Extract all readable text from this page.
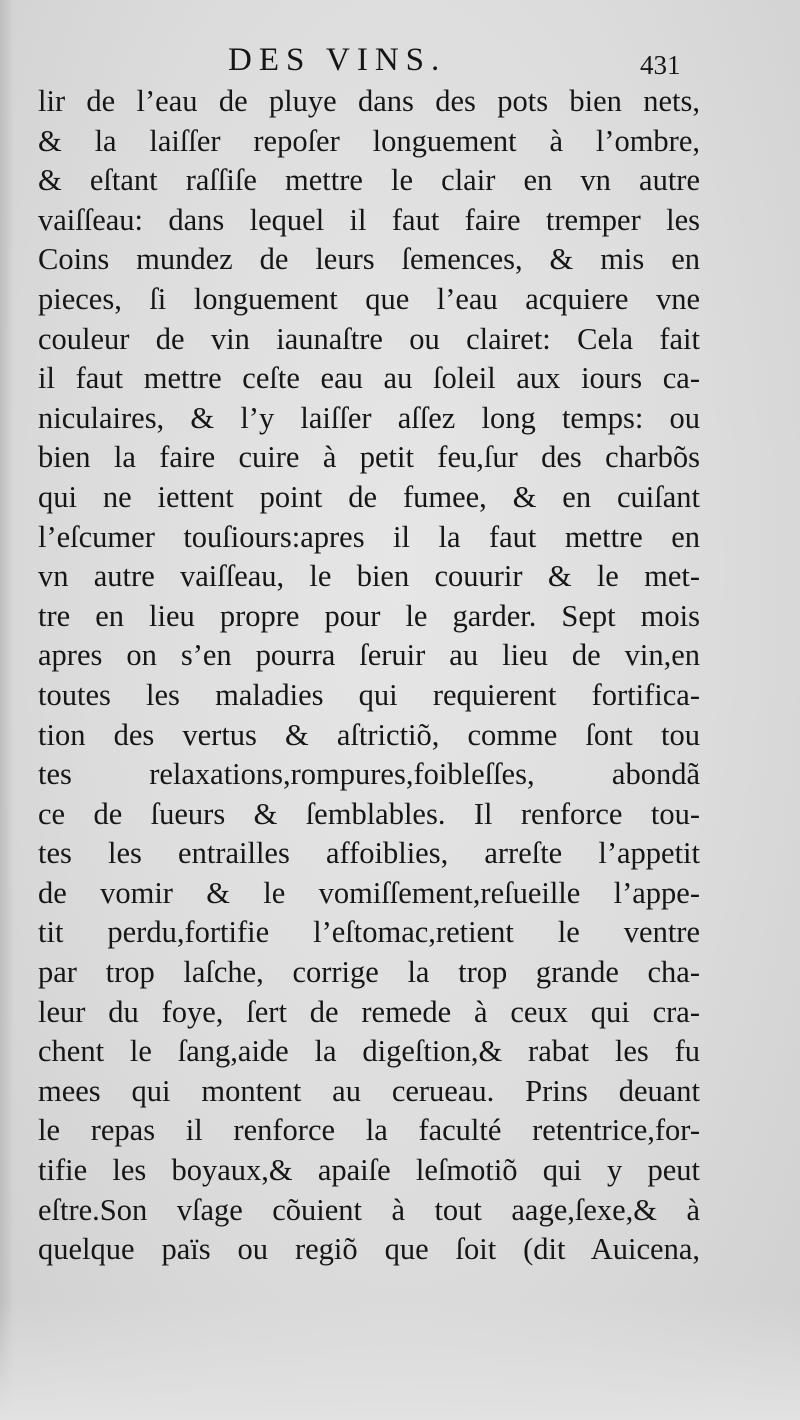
DES VINS.	431
lir de l’eau de pluye dans des pots bien nets,
& la laiſſer repoſer longuement à l’ombre,
& eſtant raſſiſe mettre le clair en vn autre
vaiſſeau: dans lequel il faut faire tremper les
Coins mundez de leurs ſemences, & mis en
pieces, ſi longuement que l’eau acquiere vne
couleur de vin iaunaſtre ou clairet: Cela fait
il faut mettre ceſte eau au ſoleil aux iours ca-
niculaires, & l’y laiſſer aſſez long temps: ou
bien la faire cuire à petit feu,ſur des charbõs
qui ne iettent point de fumee, & en cuiſant
l’eſcumer touſiours:apres il la faut mettre en
vn autre vaiſſeau, le bien couurir & le met-
tre en lieu propre pour le garder. Sept mois
apres on s’en pourra ſeruir au lieu de vin,en
toutes les maladies qui requierent fortifica-
tion des vertus & aſtrictiõ, comme ſont tou
tes relaxations,rompures,foibleſſes, abondã
ce de ſueurs & ſemblables. Il renforce tou-
tes les entrailles affoiblies, arreſte l’appetit
de vomir & le vomiſſement,reſueille l’appe-
tit perdu,fortifie l’eſtomac,retient le ventre
par trop laſche, corrige la trop grande cha-
leur du foye, ſert de remede à ceux qui cra-
chent le ſang,aide la digeſtion,& rabat les fu
mees qui montent au cerueau. Prins deuant
le repas il renforce la faculté retentrice,for-
tifie les boyaux,& apaiſe leſmotiõ qui y peut
eſtre.Son vſage cõuient à tout aage,ſexe,& à
quelque païs ou regiõ que ſoit (dit Auicena,
